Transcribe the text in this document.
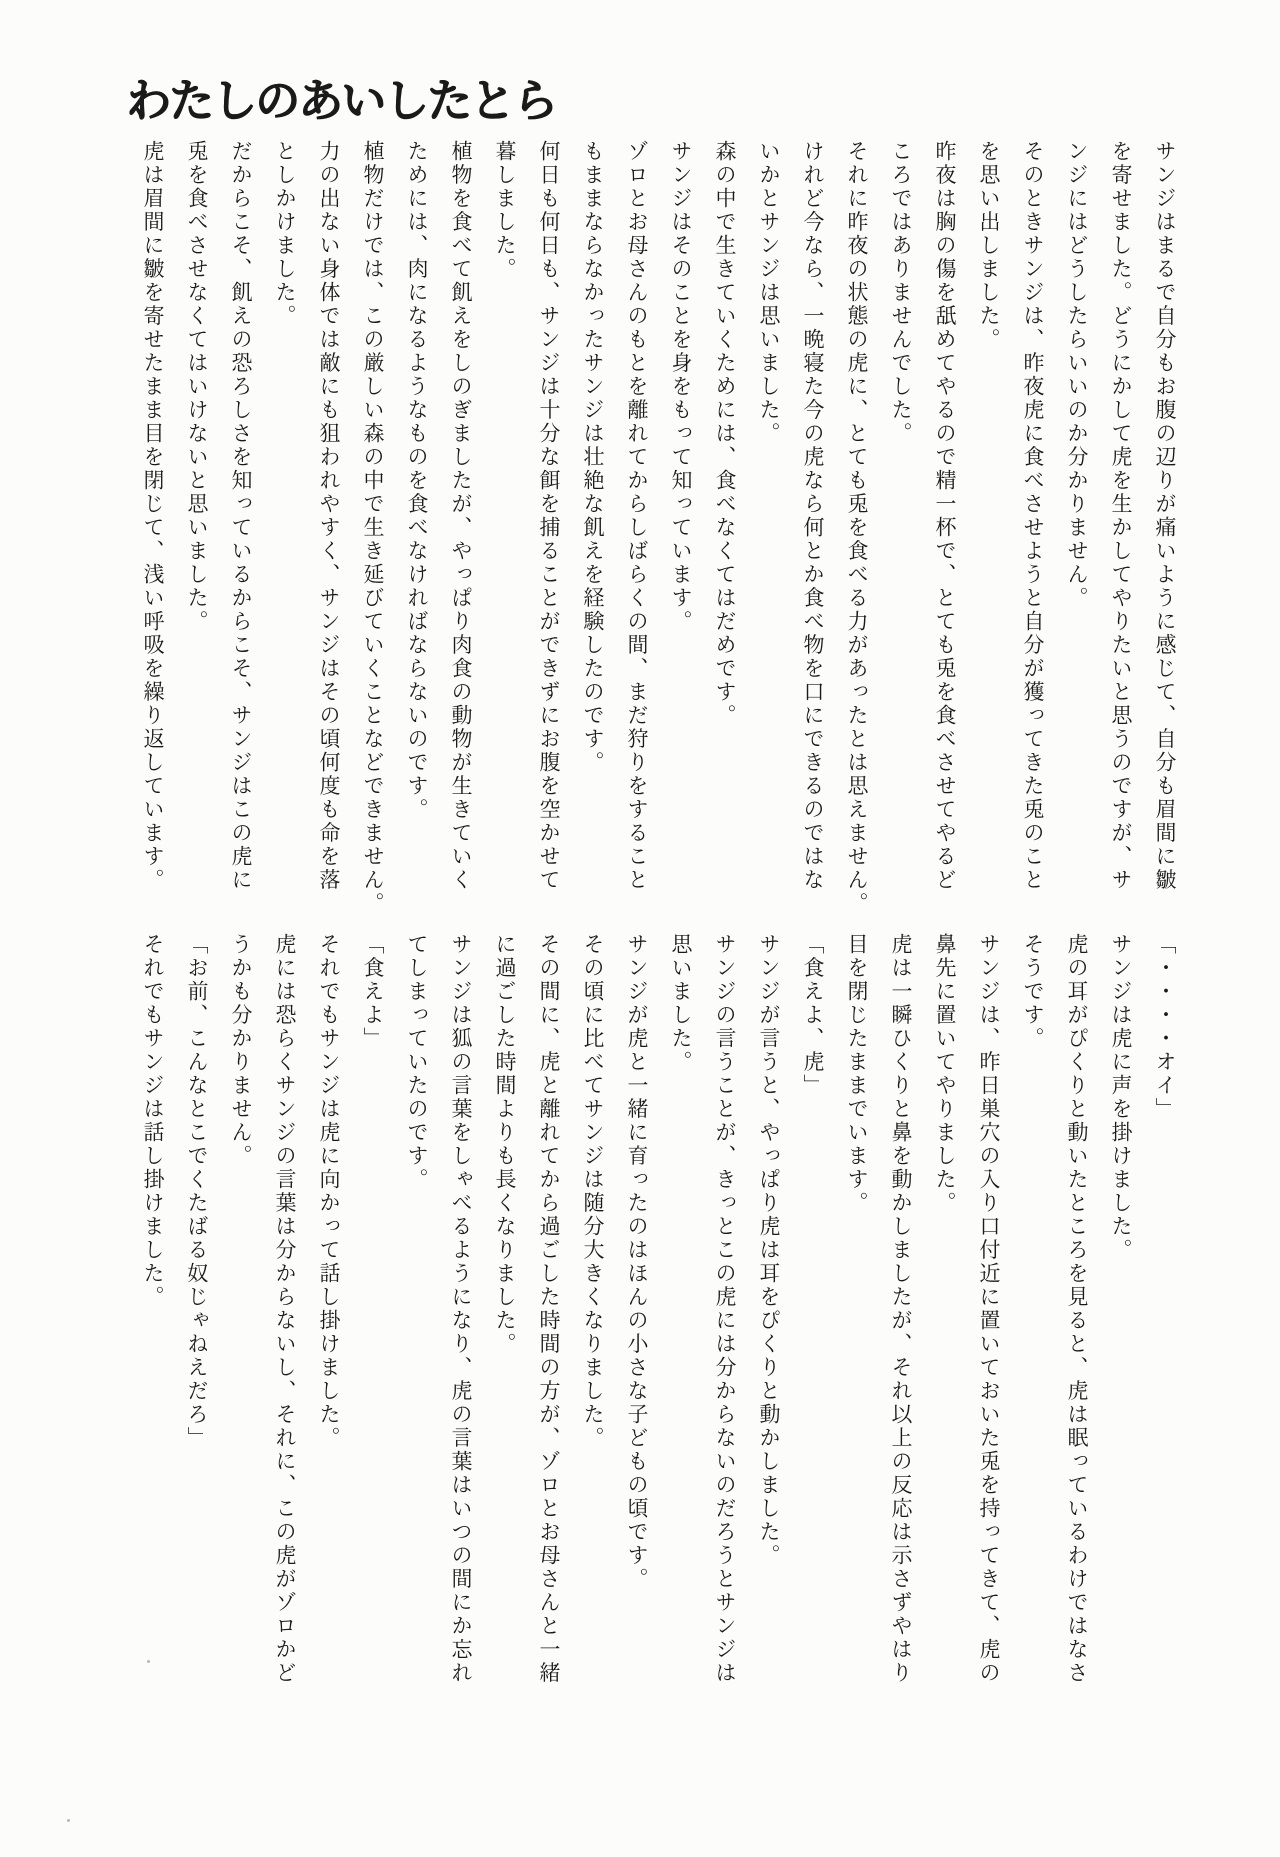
わたしのあいしたとら
サンジはまるで自分もお腹の辺りが痛いように感じて、自分も眉間に皺
を寄せました。どうにかして虎を生かしてやりたいと思うのですが、サ
ンジにはどうしたらいいのか分かりません。
そのときサンジは、昨夜虎に食べさせようと自分が獲ってきた兎のこと
を思い出しました。
昨夜は胸の傷を舐めてやるので精一杯で、とても兎を食べさせてやるど
ころではありませんでした。
それに昨夜の状態の虎に、とても兎を食べる力があったとは思えません。
けれど今なら、一晩寝た今の虎なら何とか食べ物を口にできるのではな
いかとサンジは思いました。
森の中で生きていくためには、食べなくてはだめです。
サンジはそのことを身をもって知っています。
ゾロとお母さんのもとを離れてからしばらくの間、まだ狩りをすること
もままならなかったサンジは壮絶な飢えを経験したのです。
何日も何日も、サンジは十分な餌を捕ることができずにお腹を空かせて
暮しました。
植物を食べて飢えをしのぎましたが、やっぱり肉食の動物が生きていく
ためには、肉になるようなものを食べなければならないのです。
植物だけでは、この厳しい森の中で生き延びていくことなどできません。
力の出ない身体では敵にも狙われやすく、サンジはその頃何度も命を落
としかけました。
だからこそ、飢えの恐ろしさを知っているからこそ、サンジはこの虎に
兎を食べさせなくてはいけないと思いました。
虎は眉間に皺を寄せたまま目を閉じて、浅い呼吸を繰り返しています。
「・・・・オイ」
サンジは虎に声を掛けました。
虎の耳がぴくりと動いたところを見ると、虎は眠っているわけではなさ
そうです。
サンジは、昨日巣穴の入り口付近に置いておいた兎を持ってきて、虎の
鼻先に置いてやりました。
虎は一瞬ひくりと鼻を動かしましたが、それ以上の反応は示さずやはり
目を閉じたままでいます。
「食えよ、虎」
サンジが言うと、やっぱり虎は耳をぴくりと動かしました。
サンジの言うことが、きっとこの虎には分からないのだろうとサンジは
思いました。
サンジが虎と一緒に育ったのはほんの小さな子どもの頃です。
その頃に比べてサンジは随分大きくなりました。
その間に、虎と離れてから過ごした時間の方が、ゾロとお母さんと一緒
に過ごした時間よりも長くなりました。
サンジは狐の言葉をしゃべるようになり、虎の言葉はいつの間にか忘れ
てしまっていたのです。
「食えよ」
それでもサンジは虎に向かって話し掛けました。
虎には恐らくサンジの言葉は分からないし、それに、この虎がゾロかど
うかも分かりません。
「お前、こんなとこでくたばる奴じゃねえだろ」
それでもサンジは話し掛けました。
